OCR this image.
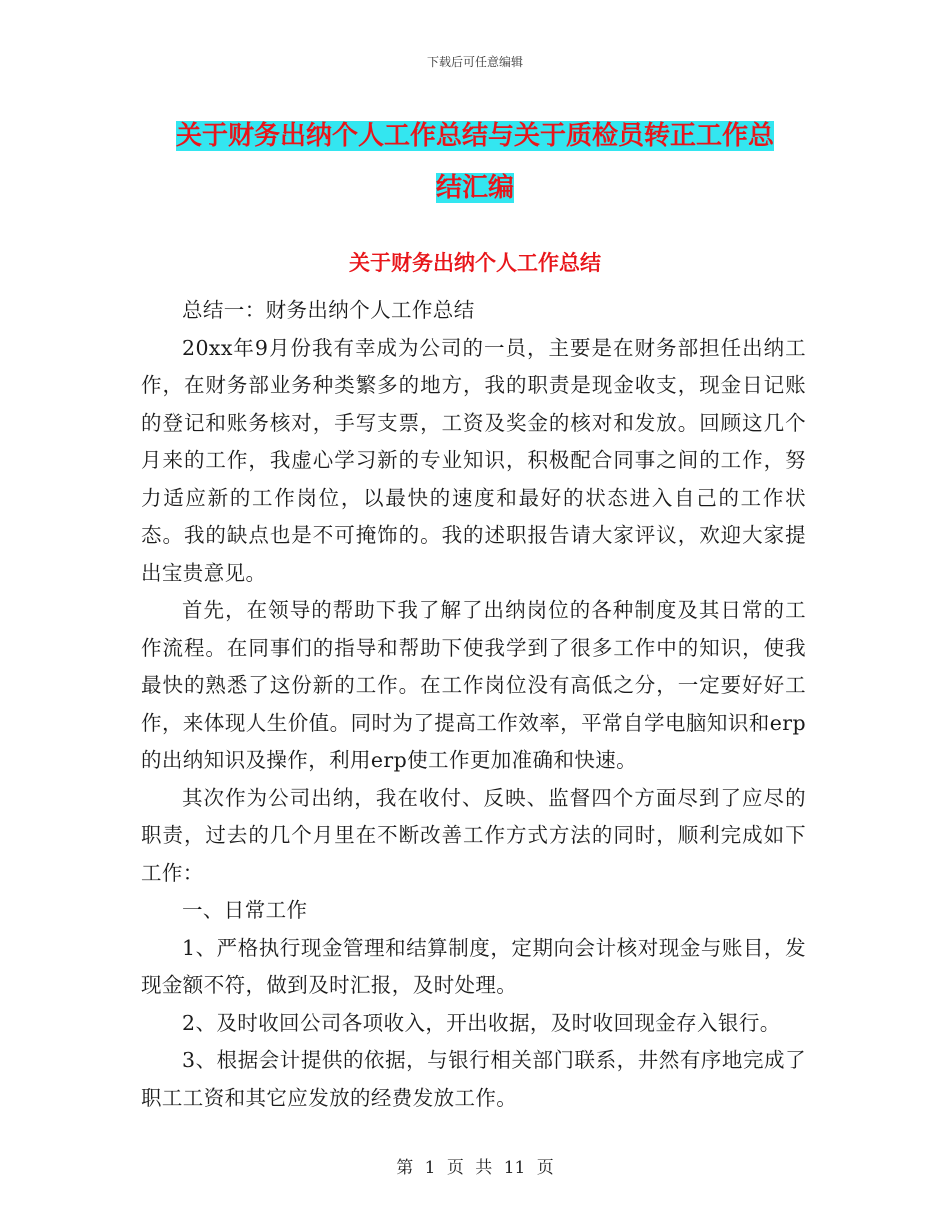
下载后可任意编辑
关于财务出纳个人工作总结与关于质检员转正工作总
结汇编
关于财务出纳个人工作总结

总结一：财务出纳个人工作总结

20xx年9月份我有幸成为公司的一员，主要是在财务部担任出纳工作，在财务部业务种类繁多的地方，我的职责是现金收支，现金日记账的登记和账务核对，手写支票，工资及奖金的核对和发放。回顾这几个月来的工作，我虚心学习新的专业知识，积极配合同事之间的工作，努力适应新的工作岗位，以最快的速度和最好的状态进入自己的工作状态。我的缺点也是不可掩饰的。我的述职报告请大家评议，欢迎大家提出宝贵意见。

首先，在领导的帮助下我了解了出纳岗位的各种制度及其日常的工作流程。在同事们的指导和帮助下使我学到了很多工作中的知识，使我最快的熟悉了这份新的工作。在工作岗位没有高低之分，一定要好好工作，来体现人生价值。同时为了提高工作效率，平常自学电脑知识和erp的出纳知识及操作，利用erp使工作更加准确和快速。

其次作为公司出纳，我在收付、反映、监督四个方面尽到了应尽的职责，过去的几个月里在不断改善工作方式方法的同时，顺利完成如下工作：

一、日常工作

1、严格执行现金管理和结算制度，定期向会计核对现金与账目，发现金额不符，做到及时汇报，及时处理。

2、及时收回公司各项收入，开出收据，及时收回现金存入银行。

3、根据会计提供的依据，与银行相关部门联系，井然有序地完成了职工工资和其它应发放的经费发放工作。

第 1 页 共 11 页
